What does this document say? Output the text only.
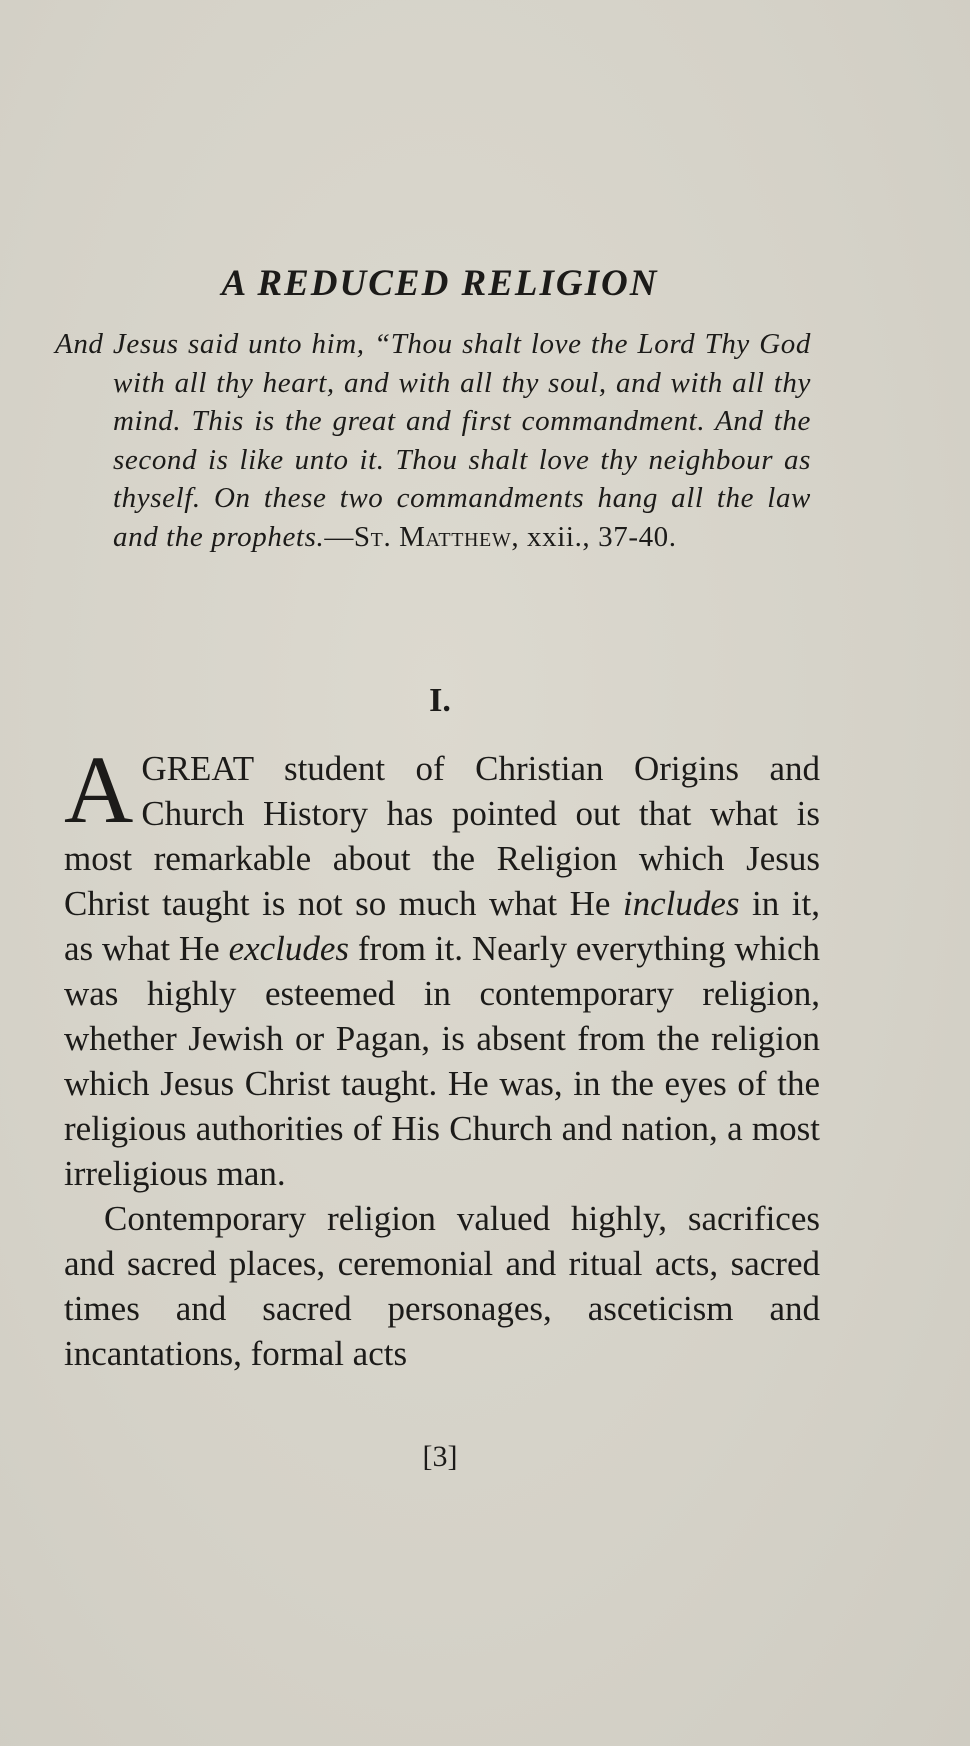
A REDUCED RELIGION
And Jesus said unto him, “Thou shalt love the Lord Thy God with all thy heart, and with all thy soul, and with all thy mind. This is the great and first commandment. And the second is like unto it. Thou shalt love thy neighbour as thyself. On these two commandments hang all the law and the prophets.—St. Matthew, xxii., 37-40.
I.

AGREAT student of Christian Origins and Church History has pointed out that what is most remarkable about the Religion which Jesus Christ taught is not so much what He includes in it, as what He excludes from it. Nearly everything which was highly esteemed in contemporary religion, whether Jewish or Pagan, is absent from the religion which Jesus Christ taught. He was, in the eyes of the religious authorities of His Church and nation, a most irreligious man.

Contemporary religion valued highly, sacrifices and sacred places, ceremonial and ritual acts, sacred times and sacred personages, asceticism and incantations, formal acts

[3]
